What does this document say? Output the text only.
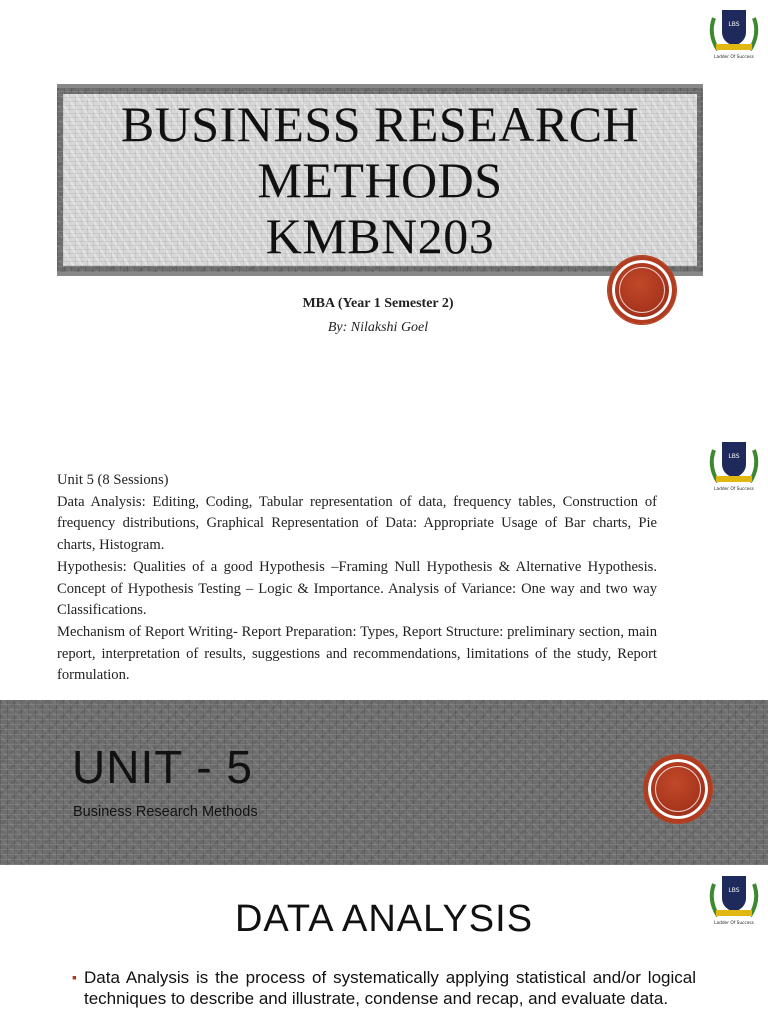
LBS
Ladder Of Success
BUSINESS RESEARCH
METHODS
KMBN203
MBA (Year 1 Semester 2)
By: Nilakshi Goel
LBS
Ladder Of Success

Unit 5 (8 Sessions)

Data Analysis: Editing, Coding, Tabular representation of data, frequency tables, Construction of frequency distributions, Graphical Representation of Data: Appropriate Usage of Bar charts, Pie charts, Histogram.

Hypothesis: Qualities of a good Hypothesis –Framing Null Hypothesis & Alternative Hypothesis. Concept of Hypothesis Testing – Logic & Importance. Analysis of Variance: One way and two way Classifications.

Mechanism of Report Writing- Report Preparation: Types, Report Structure: preliminary section, main report, interpretation of results, suggestions and recommendations, limitations of the study, Report formulation.

UNIT - 5
Business Research Methods
LBS
Ladder Of Success
DATA ANALYSIS
▪ Data Analysis is the process of systematically applying statistical and/or logical techniques to describe and illustrate, condense and recap, and evaluate data.
